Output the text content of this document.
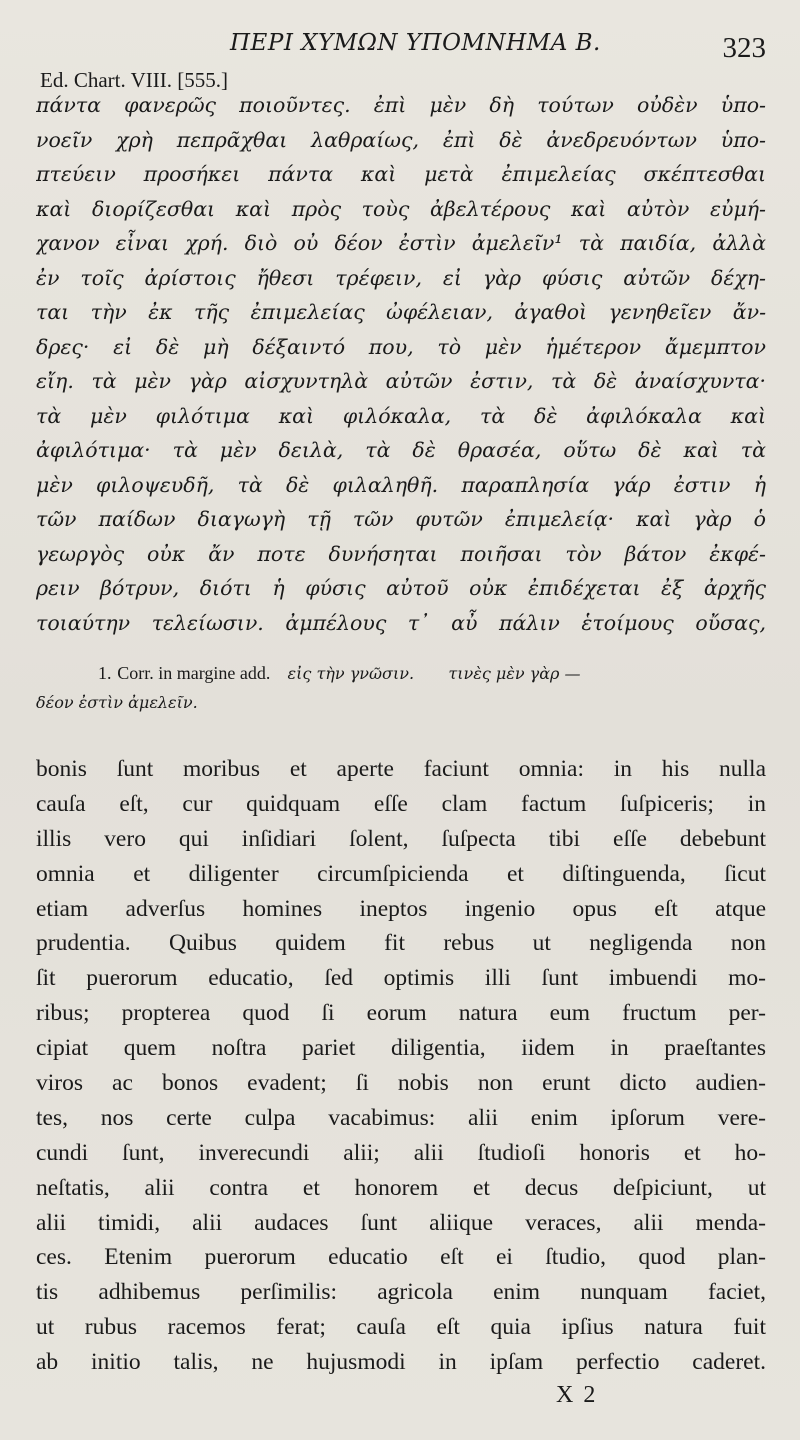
ΠΕΡΙ ΧΥΜΩΝ ΥΠΟΜΝΗΜΑ Β.	323
Ed. Chart. VIII. [555.]
πάντα φανερῶς ποιοῦντες. ἐπὶ μὲν δὴ τούτων οὐδὲν ὑπο-
νοεῖν χρὴ πεπρᾶχθαι λαθραίως, ἐπὶ δὲ ἀνεδρευόντων ὑπο-
πτεύειν προσήκει πάντα καὶ μετὰ ἐπιμελείας σκέπτεσθαι
καὶ διορίζεσθαι καὶ πρὸς τοὺς ἀβελτέρους καὶ αὐτὸν εὐμή-
χανον εἶναι χρή. διὸ οὐ δέον ἐστὶν ἀμελεῖν¹ τὰ παιδία, ἀλλὰ
ἐν τοῖς ἀρίστοις ἤθεσι τρέφειν, εἰ γὰρ φύσις αὐτῶν δέχη-
ται τὴν ἐκ τῆς ἐπιμελείας ὠφέλειαν, ἀγαθοὶ γενηθεῖεν ἄν-
δρες· εἰ δὲ μὴ δέξαιντό που, τὸ μὲν ἡμέτερον ἄμεμπτον
εἴη. τὰ μὲν γὰρ αἰσχυντηλὰ αὐτῶν ἐστιν, τὰ δὲ ἀναίσχυντα·
τὰ μὲν φιλότιμα καὶ φιλόκαλα, τὰ δὲ ἀφιλόκαλα καὶ
ἀφιλότιμα· τὰ μὲν δειλὰ, τὰ δὲ θρασέα, οὕτω δὲ καὶ τὰ
μὲν φιλοψευδῆ, τὰ δὲ φιλαληθῆ. παραπλησία γάρ ἐστιν ἡ
τῶν παίδων διαγωγὴ τῇ τῶν φυτῶν ἐπιμελείᾳ· καὶ γὰρ ὁ
γεωργὸς οὐκ ἄν ποτε δυνήσηται ποιῆσαι τὸν βάτον ἐκφέ-
ρειν βότρυν, διότι ἡ φύσις αὐτοῦ οὐκ ἐπιδέχεται ἐξ ἀρχῆς
τοιαύτην τελείωσιν. ἀμπέλους τ᾽ αὖ πάλιν ἑτοίμους οὔσας,
1. Corr. in margine add. εἰς τὴν γνῶσιν. τινὲς μὲν γὰρ —
δέον ἐστὶν ἀμελεῖν.
bonis ſunt moribus et aperte faciunt omnia: in his nulla
cauſa eſt, cur quidquam eſſe clam factum ſuſpiceris; in
illis vero qui inſidiari ſolent, ſuſpecta tibi eſſe debebunt
omnia et diligenter circumſpicienda et diſtinguenda, ſicut
etiam adverſus homines ineptos ingenio opus eſt atque
prudentia. Quibus quidem fit rebus ut negligenda non
ſit puerorum educatio, ſed optimis illi ſunt imbuendi mo-
ribus; propterea quod ſi eorum natura eum fructum per-
cipiat quem noſtra pariet diligentia, iidem in praeſtantes
viros ac bonos evadent; ſi nobis non erunt dicto audien-
tes, nos certe culpa vacabimus: alii enim ipſorum vere-
cundi ſunt, inverecundi alii; alii ſtudioſi honoris et ho-
neſtatis, alii contra et honorem et decus deſpiciunt, ut
alii timidi, alii audaces ſunt aliique veraces, alii menda-
ces. Etenim puerorum educatio eſt ei ſtudio, quod plan-
tis adhibemus perſimilis: agricola enim nunquam faciet,
ut rubus racemos ferat; cauſa eſt quia ipſius natura fuit
ab initio talis, ne hujusmodi in ipſam perfectio caderet.
X 2
